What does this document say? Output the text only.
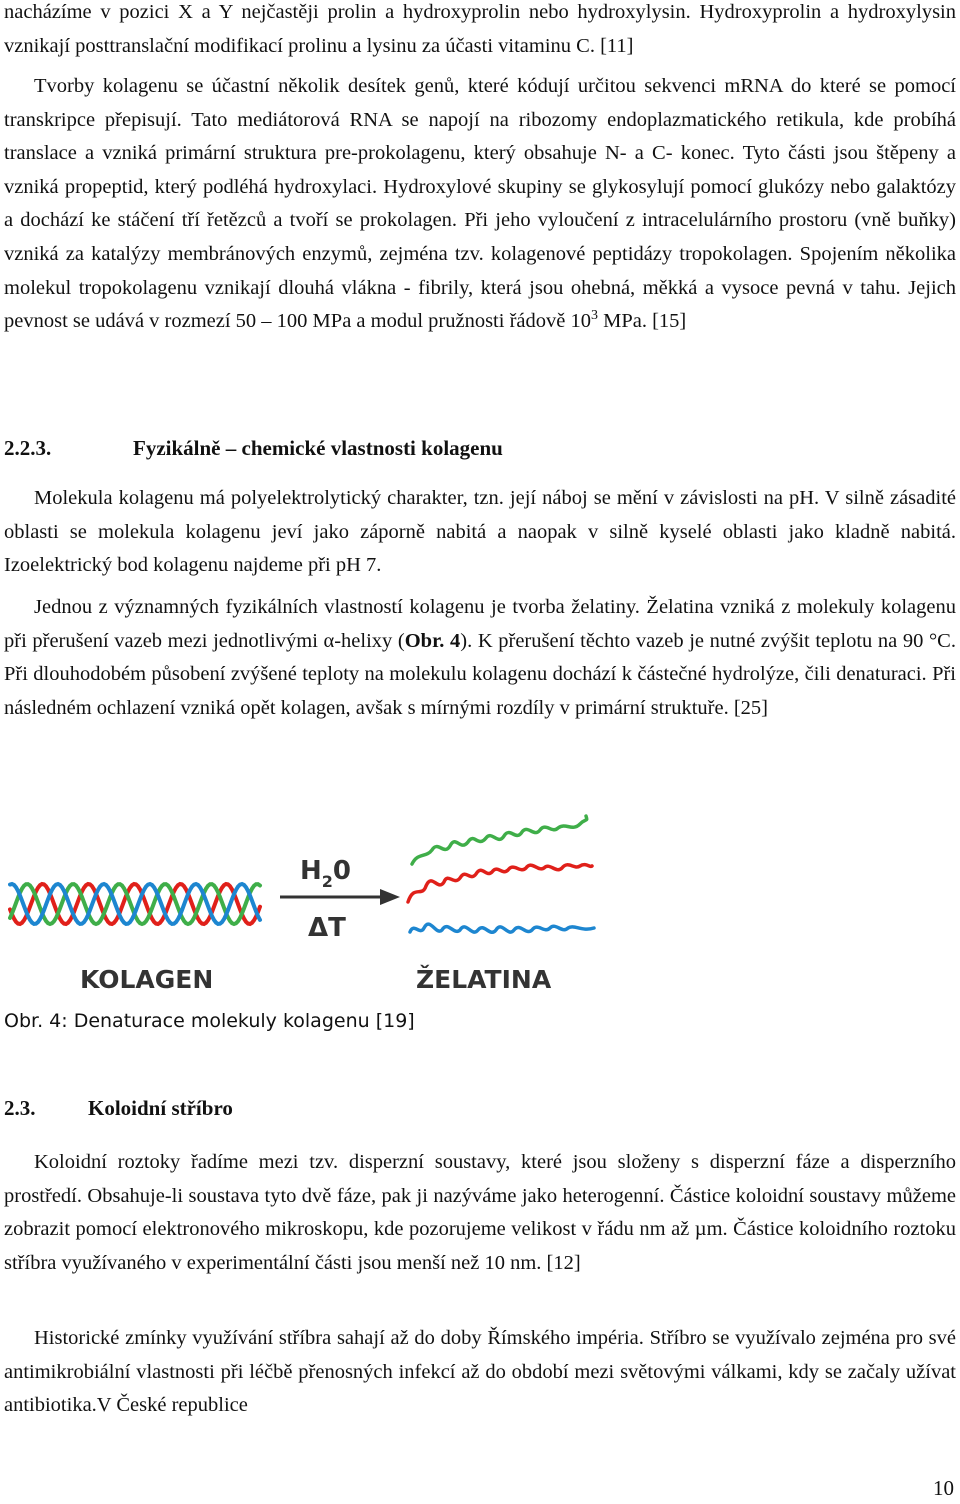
nacházíme v pozici X a Y nejčastěji prolin a hydroxyprolin nebo hydroxylysin. Hydroxyprolin a hydroxylysin vznikají posttranslační modifikací prolinu a lysinu za účasti vitaminu C. [11]

Tvorby kolagenu se účastní několik desítek genů, které kódují určitou sekvenci mRNA do které se pomocí transkripce přepisují. Tato mediátorová RNA se napojí na ribozomy endoplazmatického retikula, kde probíhá translace a vzniká primární struktura pre-prokolagenu, který obsahuje N- a C- konec. Tyto části jsou štěpeny a vzniká propeptid, který podléhá hydroxylaci. Hydroxylové skupiny se glykosylují pomocí glukózy nebo galaktózy a dochází ke stáčení tří řetězců a tvoří se prokolagen. Při jeho vyloučení z intracelulárního prostoru (vně buňky) vzniká za katalýzy membránových enzymů, zejména tzv. kolagenové peptidázy tropokolagen. Spojením několika molekul tropokolagenu vznikají dlouhá vlákna - fibrily, která jsou ohebná, měkká a vysoce pevná v tahu. Jejich pevnost se udává v rozmezí 50 – 100 MPa a modul pružnosti řádově $10^3$ MPa. [15]

2.2.3.	Fyzikálně – chemické vlastnosti kolagenu

Molekula kolagenu má polyelektrolytický charakter, tzn. její náboj se mění v závislosti na pH. V silně zásadité oblasti se molekula kolagenu jeví jako záporně nabitá a naopak v silně kyselé oblasti jako kladně nabitá. Izoelektrický bod kolagenu najdeme při pH 7.

Jednou z významných fyzikálních vlastností kolagenu je tvorba želatiny. Želatina vzniká z molekuly kolagenu při přerušení vazeb mezi jednotlivými α-helixy (Obr. 4). K přerušení těchto vazeb je nutné zvýšit teplotu na 90 °C. Při dlouhodobém působení zvýšené teploty na molekulu kolagenu dochází k částečné hydrolýze, čili denaturaci. Při následném ochlazení vzniká opět kolagen, avšak s mírnými rozdíly v primární struktuře. [25]

$H_20$
ΔT
KOLAGEN	ŽELATINA

Obr. 4: Denaturace molekuly kolagenu [19]

2.3.	Koloidní stříbro

Koloidní roztoky řadíme mezi tzv. disperzní soustavy, které jsou složeny s disperzní fáze a disperzního prostředí. Obsahuje-li soustava tyto dvě fáze, pak ji nazýváme jako heterogenní. Částice koloidní soustavy můžeme zobrazit pomocí elektronového mikroskopu, kde pozorujeme velikost v řádu nm až µm. Částice koloidního roztoku stříbra využívaného v experimentální části jsou menší než 10 nm. [12]

Historické zmínky využívání stříbra sahají až do doby Římského impéria. Stříbro se využívalo zejména pro své antimikrobiální vlastnosti při léčbě přenosných infekcí až do období mezi světovými válkami, kdy se začaly užívat antibiotika.V České republice

10
